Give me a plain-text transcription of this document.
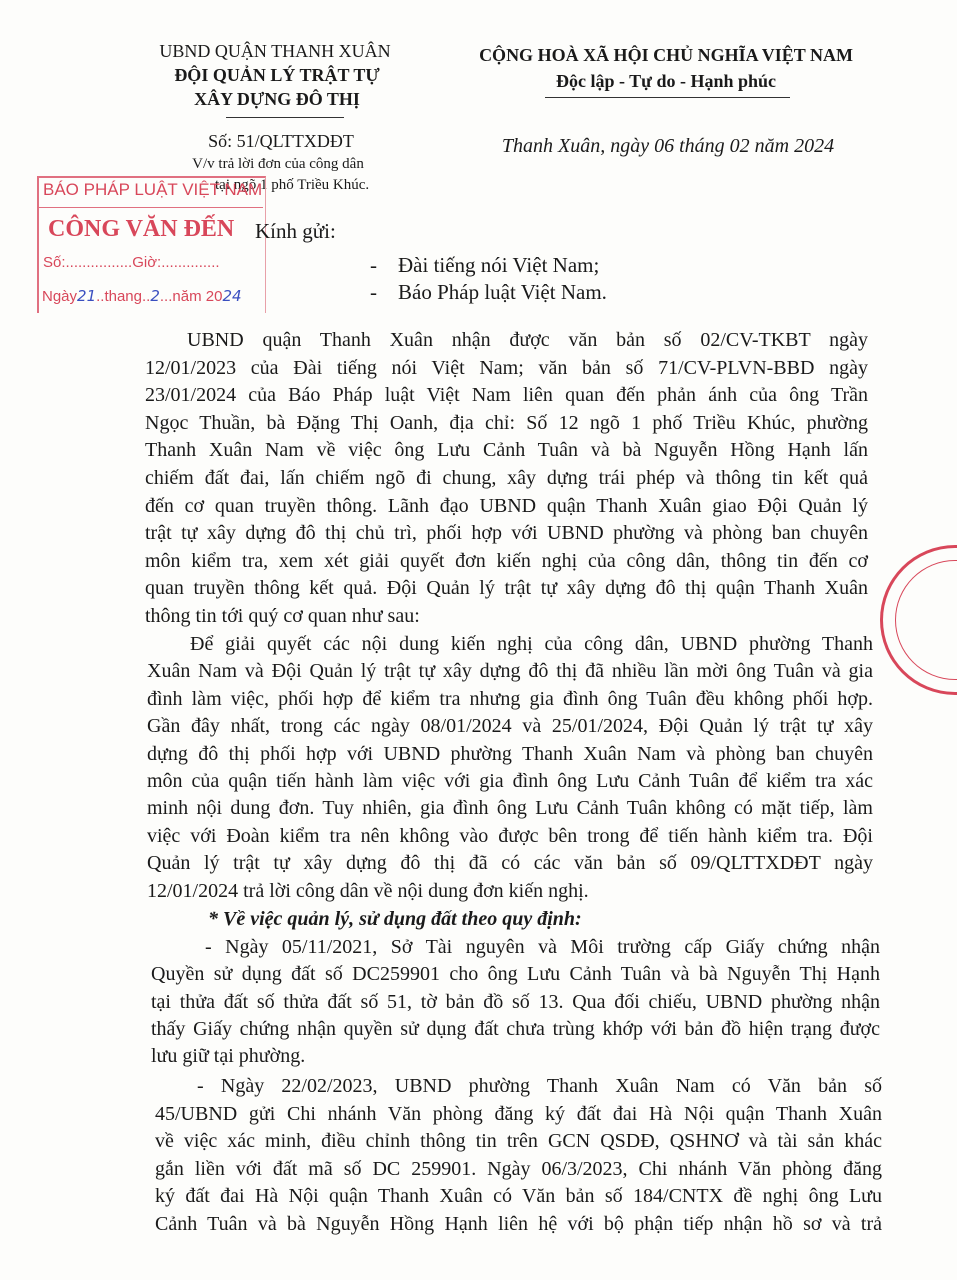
UBND QUẬN THANH XUÂN
ĐỘI QUẢN LÝ TRẬT TỰ
XÂY DỰNG ĐÔ THỊ
Số: 51/QLTTXDĐT
V/v trả lời đơn của công dân
tại ngõ 1 phố Triều Khúc.
CỘNG HOÀ XÃ HỘI CHỦ NGHĨA VIỆT NAM
Độc lập - Tự do - Hạnh phúc
Thanh Xuân, ngày 06 tháng 02 năm 2024
BÁO PHÁP LUẬT VIỆT NAM
CÔNG VĂN ĐẾN
Số:................Giờ:..............
Ngày21..thang..2...năm 2024
Kính gửi:
-    Đài tiếng nói Việt Nam;
-    Báo Pháp luật Việt Nam.
UBND quận Thanh Xuân nhận được văn bản số 02/CV-TKBT ngày
12/01/2023 của Đài tiếng nói Việt Nam; văn bản số 71/CV-PLVN-BBD ngày
23/01/2024 của Báo Pháp luật Việt Nam liên quan đến phản ánh của ông Trần
Ngọc Thuần, bà Đặng Thị Oanh, địa chỉ: Số 12 ngõ 1 phố Triều Khúc, phường
Thanh Xuân Nam về việc ông Lưu Cảnh Tuân và bà Nguyễn Hồng Hạnh lấn
chiếm đất đai, lấn chiếm ngõ đi chung, xây dựng trái phép và thông tin kết quả
đến cơ quan truyền thông. Lãnh đạo UBND quận Thanh Xuân giao Đội Quản lý
trật tự xây dựng đô thị chủ trì, phối hợp với UBND phường và phòng ban chuyên
môn kiểm tra, xem xét giải quyết đơn kiến nghị của công dân, thông tin đến cơ
quan truyền thông kết quả. Đội Quản lý trật tự xây dựng đô thị quận Thanh Xuân
thông tin tới quý cơ quan như sau:
Để giải quyết các nội dung kiến nghị của công dân, UBND phường Thanh
Xuân Nam và Đội Quản lý trật tự xây dựng đô thị đã nhiều lần mời ông Tuân và gia
đình làm việc, phối hợp để kiểm tra nhưng gia đình ông Tuân đều không phối hợp.
Gần đây nhất, trong các ngày 08/01/2024 và 25/01/2024, Đội Quản lý trật tự xây
dựng đô thị phối hợp với UBND phường Thanh Xuân Nam và phòng ban chuyên
môn của quận tiến hành làm việc với gia đình ông Lưu Cảnh Tuân để kiểm tra xác
minh nội dung đơn. Tuy nhiên, gia đình ông Lưu Cảnh Tuân không có mặt tiếp, làm
việc với Đoàn kiểm tra nên không vào được bên trong để tiến hành kiểm tra. Đội
Quản lý trật tự xây dựng đô thị đã có các văn bản số 09/QLTTXDĐT ngày
12/01/2024 trả lời công dân về nội dung đơn kiến nghị.
* Về việc quản lý, sử dụng đất theo quy định:
- Ngày 05/11/2021, Sở Tài nguyên và Môi trường cấp Giấy chứng nhận
Quyền sử dụng đất số DC259901 cho ông Lưu Cảnh Tuân và bà Nguyễn Thị Hạnh
tại thửa đất số thửa đất số 51, tờ bản đồ số 13. Qua đối chiếu, UBND phường nhận
thấy Giấy chứng nhận quyền sử dụng đất chưa trùng khớp với bản đồ hiện trạng được
lưu giữ tại phường.
- Ngày 22/02/2023, UBND phường Thanh Xuân Nam có Văn bản số
45/UBND gửi Chi nhánh Văn phòng đăng ký đất đai Hà Nội quận Thanh Xuân
về việc xác minh, điều chỉnh thông tin trên GCN QSDĐ, QSHNƠ và tài sản khác
gắn liền với đất mã số DC 259901. Ngày 06/3/2023, Chi nhánh Văn phòng đăng
ký đất đai Hà Nội quận Thanh Xuân có Văn bản số 184/CNTX đề nghị ông Lưu
Cảnh Tuân và bà Nguyễn Hồng Hạnh liên hệ với bộ phận tiếp nhận hồ sơ và trả
